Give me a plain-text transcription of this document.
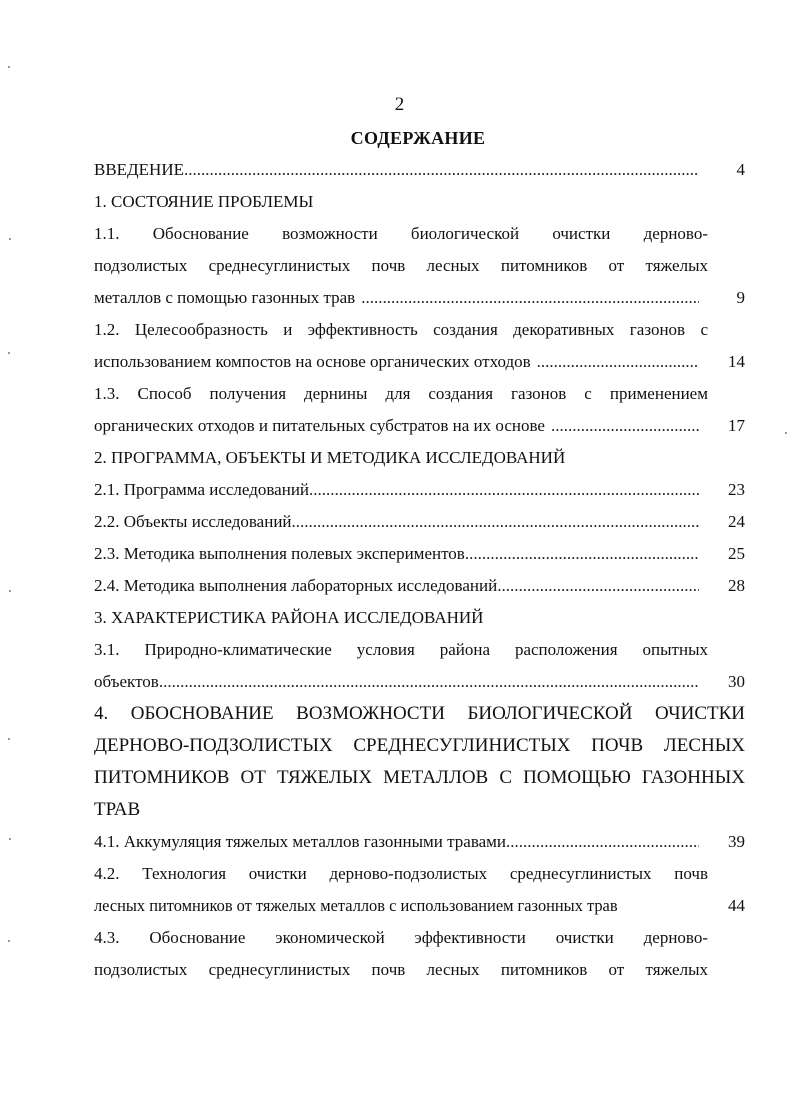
2
СОДЕРЖАНИЕ
ВВЕДЕНИЕ .....	4
1. СОСТОЯНИЕ ПРОБЛЕМЫ
1.1. Обоснование возможности биологической очистки дерново-
подзолистых среднесуглинистых почв лесных питомников от тяжелых
металлов с помощью газонных трав .....	9
1.2. Целесообразность и эффективность создания декоративных газонов с
использованием компостов на основе органических отходов .....	14
1.3. Способ получения дернины для создания газонов с применением
органических отходов и питательных субстратов на их основе .....	17
2. ПРОГРАММА, ОБЪЕКТЫ И МЕТОДИКА ИССЛЕДОВАНИЙ
2.1. Программа исследований .....	23
2.2. Объекты исследований .....	24
2.3. Методика выполнения полевых экспериментов .....	25
2.4. Методика выполнения лабораторных исследований .....	28
3. ХАРАКТЕРИСТИКА РАЙОНА ИССЛЕДОВАНИЙ
3.1. Природно-климатические условия района расположения опытных
объектов .....	30
4. ОБОСНОВАНИЕ ВОЗМОЖНОСТИ БИОЛОГИЧЕСКОЙ ОЧИСТКИ
ДЕРНОВО-ПОДЗОЛИСТЫХ СРЕДНЕСУГЛИНИСТЫХ ПОЧВ ЛЕСНЫХ
ПИТОМНИКОВ ОТ ТЯЖЕЛЫХ МЕТАЛЛОВ С ПОМОЩЬЮ ГАЗОННЫХ
ТРАВ
4.1. Аккумуляция тяжелых металлов газонными травами .....	39
4.2. Технология очистки дерново-подзолистых среднесуглинистых почв
лесных питомников от тяжелых металлов с использованием газонных трав	44
4.3. Обоснование экономической эффективности очистки дерново-
подзолистых среднесуглинистых почв лесных питомников от тяжелых
